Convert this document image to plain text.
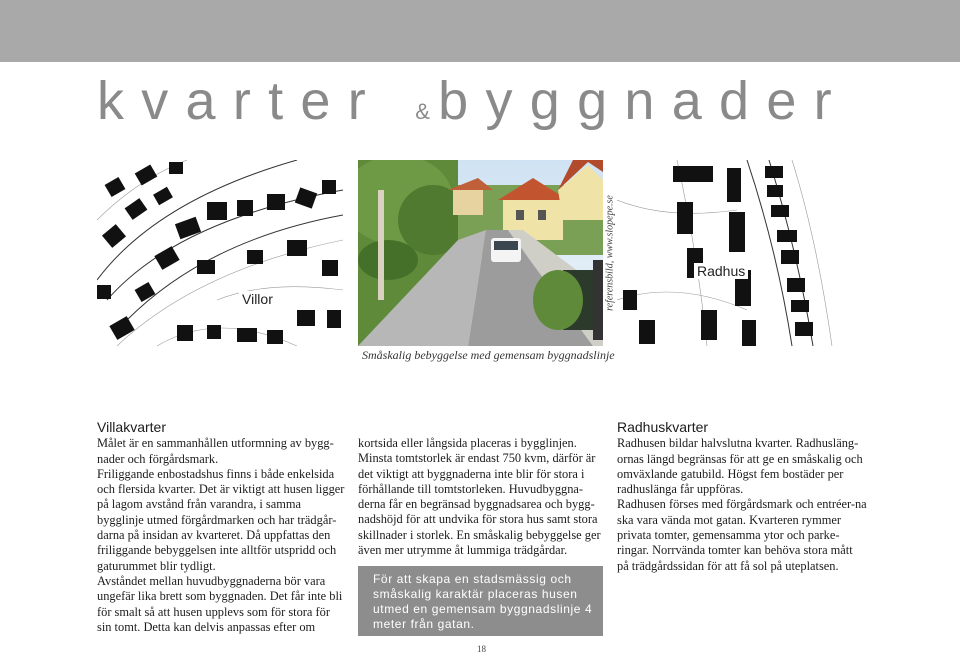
kvarter & byggnader
Villor	referensbild, www.slopepe.se
Småskalig bebyggelse med gemensam byggnadslinje
Radhus
Villakvarter

Målet är en sammanhållen utformning av bygg-nader och förgårdsmark.

Friliggande enbostadshus finns i både enkelsida och flersida kvarter. Det är viktigt att husen ligger på lagom avstånd från varandra, i samma bygglinje utmed förgårdmarken och har trädgår-darna på insidan av kvarteret. Då uppfattas den friliggande bebyggelsen inte alltför utspridd och gaturummet blir tydligt.

Avståndet mellan huvudbyggnaderna bör vara ungefär lika brett som byggnaden. Det får inte bli för smalt så att husen upplevs som för stora för sin tomt. Detta kan delvis anpassas efter om

kortsida eller långsida placeras i bygglinjen. Minsta tomtstorlek är endast 750 kvm, därför är det viktigt att byggnaderna inte blir för stora i förhållande till tomtstorleken. Huvudbyggna-derna får en begränsad byggnadsarea och bygg-nadshöjd för att undvika för stora hus samt stora skillnader i storlek. En småskalig bebyggelse ger även mer utrymme åt lummiga trädgårdar.

För att skapa en stadsmässig och småskalig karaktär placeras husen utmed en gemensam byggnadslinje 4 meter från gatan.
Radhuskvarter

Radhusen bildar halvslutna kvarter. Radhusläng-ornas längd begränsas för att ge en småskalig och omväxlande gatubild. Högst fem bostäder per radhuslänga får uppföras.

Radhusen förses med förgårdsmark och entréer-na ska vara vända mot gatan. Kvarteren rymmer privata tomter, gemensamma ytor och parke-ringar. Norrvända tomter kan behöva stora mått på trädgårdssidan för att få sol på uteplatsen.

18
